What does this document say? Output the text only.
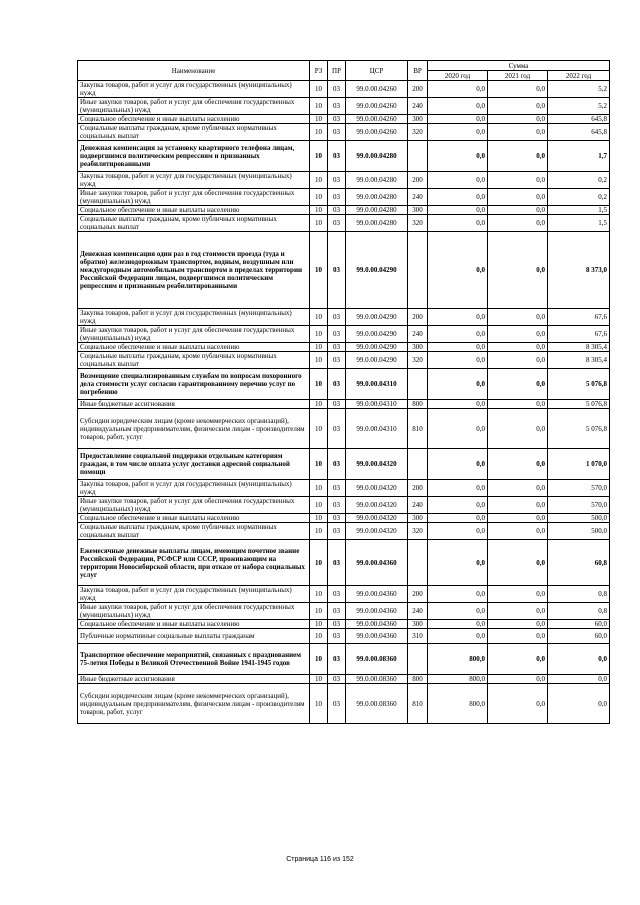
Наименование	РЗ	ПР	ЦСР	ВР	Сумма		
					2020 год	2021 год	2022 год
Закупка товаров, работ и услуг для государственных (муниципальных) нужд	10	03	99.0.00.04260	200	0,0	0,0	5,2
Иные закупки товаров, работ и услуг для обеспечения государственных (муниципальных) нужд	10	03	99.0.00.04260	240	0,0	0,0	5,2
Социальное обеспечение и иные выплаты населению	10	03	99.0.00.04260	300	0,0	0,0	645,8
Социальные выплаты гражданам, кроме публичных нормативных социальных выплат	10	03	99.0.00.04260	320	0,0	0,0	645,8
Денежная компенсация за установку квартирного телефона лицам, подвергшимся политическим репрессиям и признанных реабилитированными	10	03	99.0.00.04280		0,0	0,0	1,7
Закупка товаров, работ и услуг для государственных (муниципальных) нужд	10	03	99.0.00.04280	200	0,0	0,0	0,2
Иные закупки товаров, работ и услуг для обеспечения государственных (муниципальных) нужд	10	03	99.0.00.04280	240	0,0	0,0	0,2
Социальное обеспечение и иные выплаты населению	10	03	99.0.00.04280	300	0,0	0,0	1,5
Социальные выплаты гражданам, кроме публичных нормативных социальных выплат	10	03	99.0.00.04280	320	0,0	0,0	1,5
Денежная компенсация один раз в год стоимости проезда (туда и обратно) железнодорожным транспортом, водным, воздушным или междугородным автомобильным транспортом в пределах территории Российской Федерации лицам, подвергшимся политическим репрессиям и признанным реабилитированными	10	03	99.0.00.04290		0,0	0,0	8 373,0
Закупка товаров, работ и услуг для государственных (муниципальных) нужд	10	03	99.0.00.04290	200	0,0	0,0	67,6
Иные закупки товаров, работ и услуг для обеспечения государственных (муниципальных) нужд	10	03	99.0.00.04290	240	0,0	0,0	67,6
Социальное обеспечение и иные выплаты населению	10	03	99.0.00.04290	300	0,0	0,0	8 305,4
Социальные выплаты гражданам, кроме публичных нормативных социальных выплат	10	03	99.0.00.04290	320	0,0	0,0	8 305,4
Возмещение специализированным службам по вопросам похоронного дела стоимости услуг согласно гарантированному перечню услуг по погребению	10	03	99.0.00.04310		0,0	0,0	5 076,8
Иные бюджетные ассигнования	10	03	99.0.00.04310	800	0,0	0,0	5 076,8
Субсидии юридическим лицам (кроме некоммерческих организаций), индивидуальным предпринимателям, физическим лицам - производителям товаров, работ, услуг	10	03	99.0.00.04310	810	0,0	0,0	5 076,8
Предоставление социальной поддержки отдельным категориям граждан, в том числе оплата услуг доставки адресной социальной помощи	10	03	99.0.00.04320		0,0	0,0	1 070,0
Закупка товаров, работ и услуг для государственных (муниципальных) нужд	10	03	99.0.00.04320	200	0,0	0,0	570,0
Иные закупки товаров, работ и услуг для обеспечения государственных (муниципальных) нужд	10	03	99.0.00.04320	240	0,0	0,0	570,0
Социальное обеспечение и иные выплаты населению	10	03	99.0.00.04320	300	0,0	0,0	500,0
Социальные выплаты гражданам, кроме публичных нормативных социальных выплат	10	03	99.0.00.04320	320	0,0	0,0	500,0
Ежемесячные денежные выплаты лицам, имеющим почетное звание Российской Федерации, РСФСР или СССР, проживающим на территории Новосибирской области, при отказе от набора социальных услуг	10	03	99.0.00.04360		0,0	0,0	60,8
Закупка товаров, работ и услуг для государственных (муниципальных) нужд	10	03	99.0.00.04360	200	0,0	0,0	0,8
Иные закупки товаров, работ и услуг для обеспечения государственных (муниципальных) нужд	10	03	99.0.00.04360	240	0,0	0,0	0,8
Социальное обеспечение и иные выплаты населению	10	03	99.0.00.04360	300	0,0	0,0	60,0
Публичные нормативные социальные выплаты гражданам	10	03	99.0.00.04360	310	0,0	0,0	60,0
Транспортное обеспечение мероприятий, связанных с празднованием 75-летия Победы в Великой Отечественной Войне 1941-1945 годов	10	03	99.0.00.08360		800,0	0,0	0,0
Иные бюджетные ассигнования	10	03	99.0.00.08360	800	800,0	0,0	0,0
Субсидии юридическим лицам (кроме некоммерческих организаций), индивидуальным предпринимателям, физическим лицам - производителям товаров, работ, услуг	10	03	99.0.00.08360	810	800,0	0,0	0,0
Страница 116 из 152
